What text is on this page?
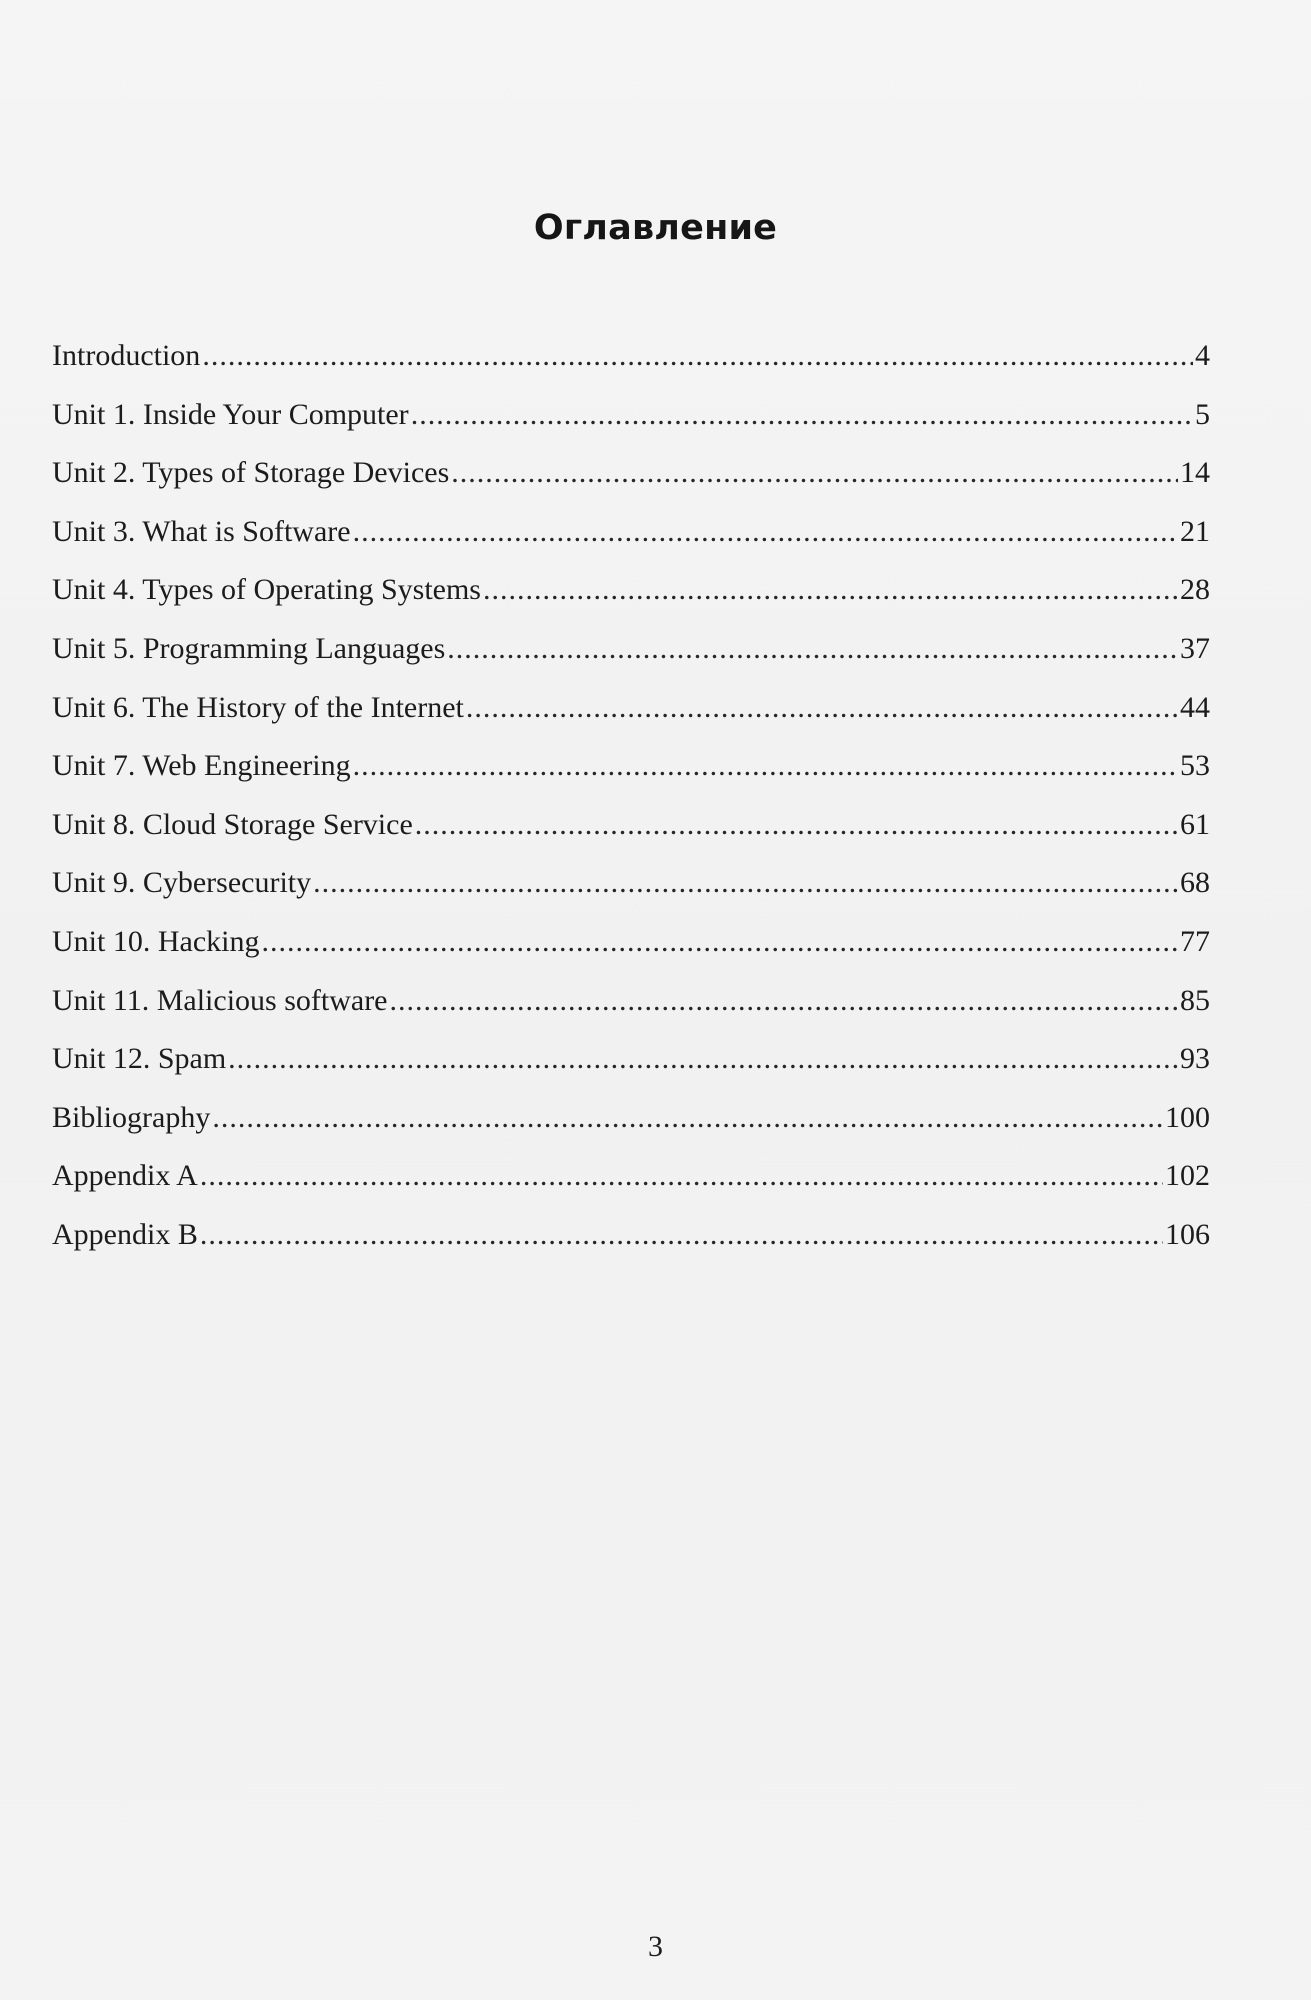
Оглавление
Introduction .....	4
Unit 1. Inside Your Computer .....	5
Unit 2. Types of Storage Devices .....	14
Unit 3. What is Software .....	21
Unit 4. Types of Operating Systems .....	28
Unit 5. Programming Languages .....	37
Unit 6. The History of the Internet .....	44
Unit 7. Web Engineering .....	53
Unit 8. Cloud Storage Service .....	61
Unit 9. Cybersecurity .....	68
Unit 10. Hacking .....	77
Unit 11. Malicious software .....	85
Unit 12. Spam .....	93
Bibliography .....	100
Appendix A .....	102
Appendix B .....	106
3
